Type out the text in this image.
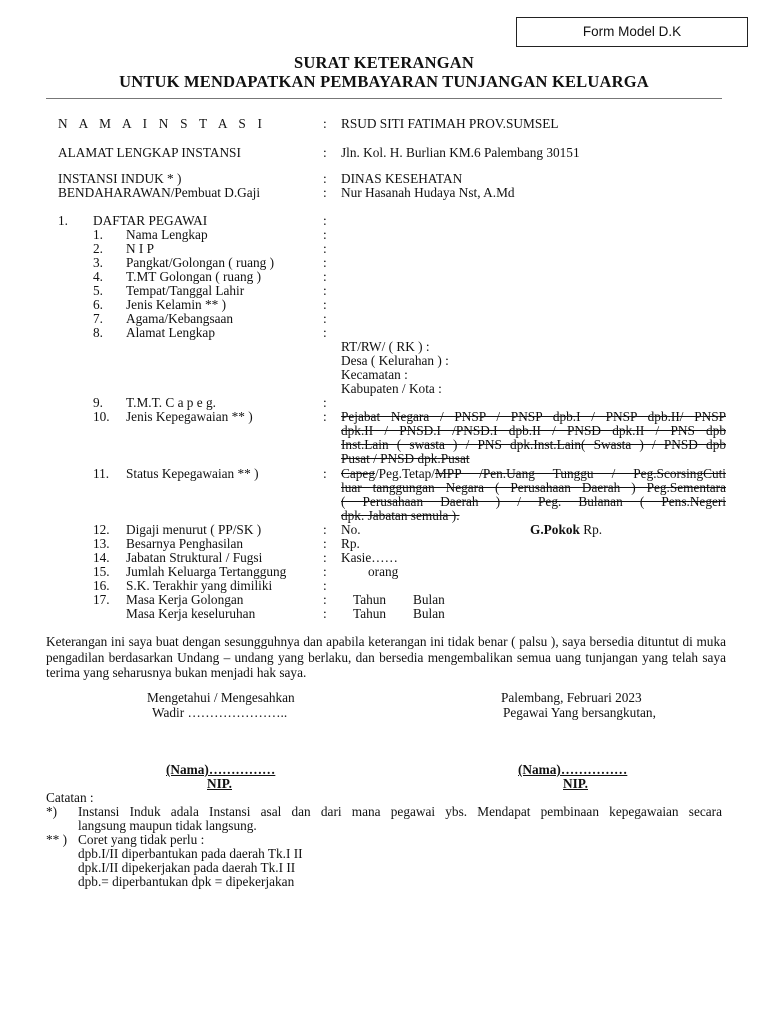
Form Model D.K
SURAT KETERANGAN
UNTUK MENDAPATKAN PEMBAYARAN TUNJANGAN KELUARGA
N A M A I N S T A S I	: RSUD SITI FATIMAH PROV.SUMSEL
ALAMAT LENGKAP INSTANSI	: Jln. Kol. H. Burlian KM.6 Palembang 30151
INSTANSI INDUK * )	: DINAS KESEHATAN
BENDAHARAWAN/Pembuat D.Gaji	: Nur Hasanah Hudaya Nst, A.Md
1. DAFTAR PEGAWAI	:
1. Nama Lengkap	:
2. N I P	:
3. Pangkat/Golongan ( ruang )	:
4. T.MT Golongan ( ruang )	:
5. Tempat/Tanggal Lahir	:
6. Jenis Kelamin ** )	:
7. Agama/Kebangsaan	:
8. Alamat Lengkap	:
RT/RW/ ( RK ) :
Desa ( Kelurahan ) :
Kecamatan :
Kabupaten / Kota :
9. T.M.T. C a p e g.	:
10. Jenis Kepegawaian ** )	: Pejabat Negara / PNSP / PNSP dpb.I / PNSP dpb.II/ PNSP
dpk.II / PNSD.I /PNSD.I dpb.II / PNSD dpk.II / PNS dpb
Inst.Lain ( swasta ) / PNS dpk.Inst.Lain( Swasta ) / PNSD dpb
Pusat / PNSD dpk.Pusat
11. Status Kepegawaian ** )	: Capeg/Peg.Tetap/MPP /Pen.Uang Tunggu / Peg.ScorsingCuti
luar tanggungan Negara ( Perusahaan Daerah ) Peg.Sementara
( Perusahaan Daerah ) / Peg. Bulanan ( Pens.Negeri
dpk. Jabatan semula ).
12. Digaji menurut ( PP/SK )	: No.	G.Pokok Rp.
13. Besarnya Penghasilan	: Rp.
14. Jabatan Struktural / Fugsi	: Kasie……
15. Jumlah Keluarga Tertanggung	:	orang
16. S.K. Terakhir yang dimiliki	:
17. Masa Kerja Golongan	: Tahun Bulan
Masa Kerja keseluruhan	: Tahun Bulan
Keterangan ini saya buat dengan sesungguhnya dan apabila keterangan ini tidak benar ( palsu ), saya bersedia dituntut di muka pengadilan berdasarkan Undang – undang yang berlaku, dan bersedia mengembalikan semua uang tunjangan yang telah saya terima yang seharusnya bukan menjadi hak saya.
Mengetahui / Mengesahkan
Wadir …………………..
Palembang, Februari 2023
Pegawai Yang bersangkutan,
(Nama)……………
NIP.
(Nama)……………
NIP.
Catatan :
*) Instansi Induk adala Instansi asal dan dari mana pegawai ybs. Mendapat pembinaan kepegawaian secara
langsung maupun tidak langsung.
** ) Coret yang tidak perlu :
dpb.I/II diperbantukan pada daerah Tk.I II
dpk.I/II dipekerjakan pada daerah Tk.I II
dpb.= diperbantukan dpk = dipekerjakan
